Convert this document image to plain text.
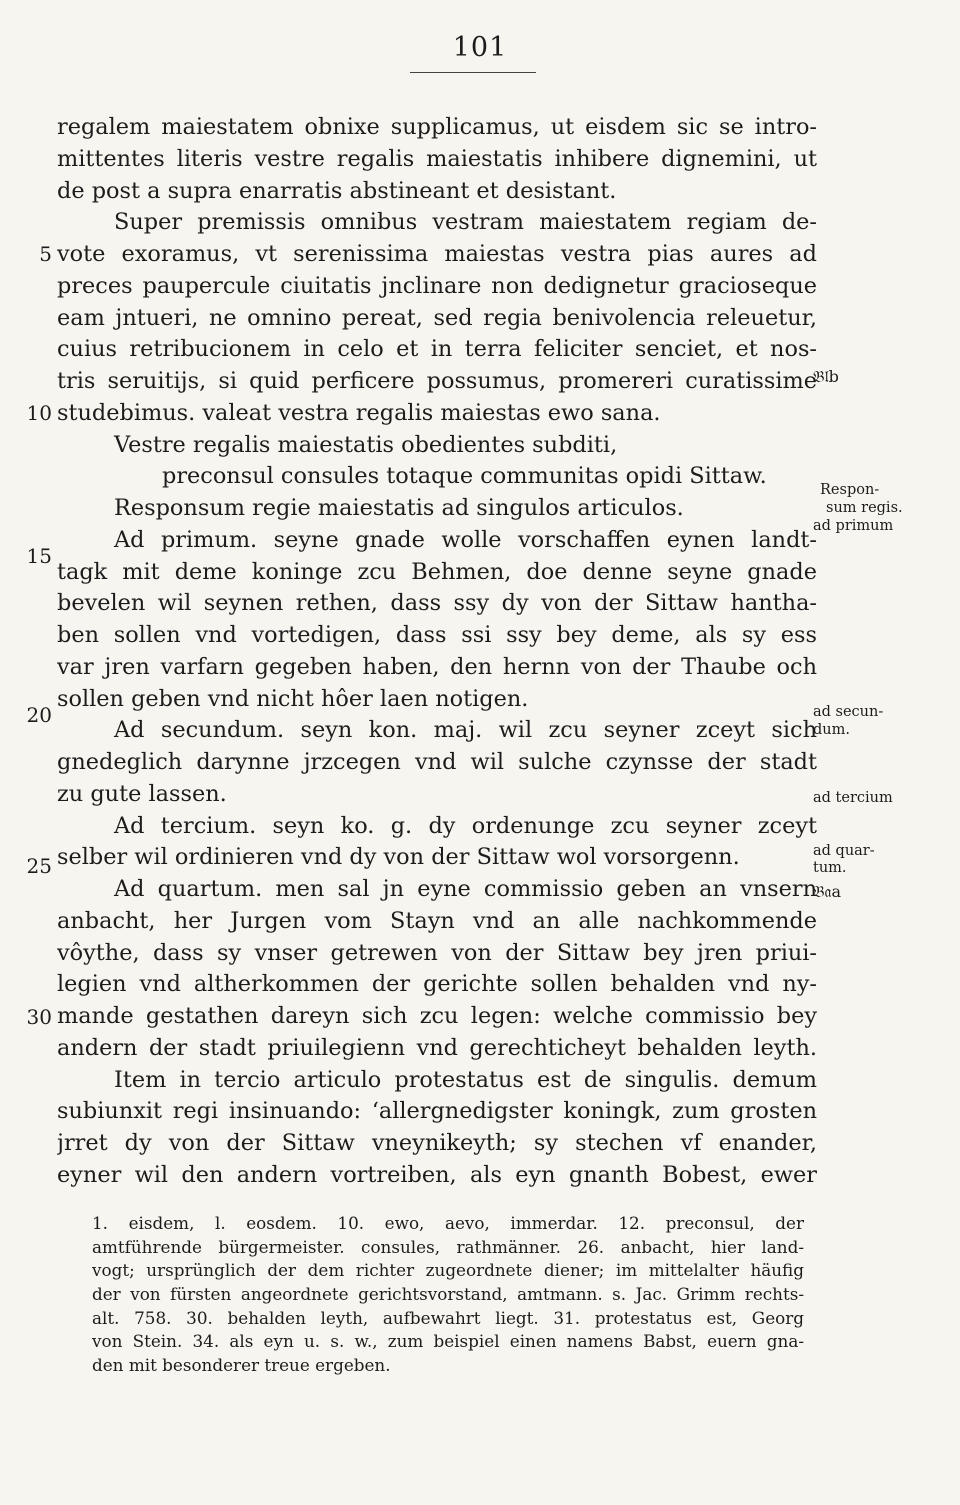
101
5
10
15
20
25
30
regalem maiestatem obnixe supplicamus, ut eisdem sic se intro-
mittentes literis vestre regalis maiestatis inhibere dignemini, ut
de post a supra enarratis abstineant et desistant.
Super premissis omnibus vestram maiestatem regiam de-
vote exoramus, vt serenissima maiestas vestra pias aures ad
preces paupercule ciuitatis jnclinare non dedignetur gracioseque
eam jntueri, ne omnino pereat, sed regia benivolencia releuetur,
cuius retribucionem in celo et in terra feliciter senciet, et nos-
tris seruitijs, si quid perficere possumus, promereri curatissime
studebimus. valeat vestra regalis maiestas ewo sana.
Vestre regalis maiestatis obedientes subditi,
preconsul consules totaque communitas opidi Sittaw.
Responsum regie maiestatis ad singulos articulos.
Ad primum. seyne gnade wolle vorschaffen eynen landt-
tagk mit deme koninge zcu Behmen, doe denne seyne gnade
bevelen wil seynen rethen, dass ssy dy von der Sittaw hantha-
ben sollen vnd vortedigen, dass ssi ssy bey deme, als sy ess
var jren varfarn gegeben haben, den hernn von der Thaube och
sollen geben vnd nicht hôer laen notigen.
Ad secundum. seyn kon. maj. wil zcu seyner zceyt sich
gnedeglich darynne jrzcegen vnd wil sulche czynsse der stadt
zu gute lassen.
Ad tercium. seyn ko. g. dy ordenunge zcu seyner zceyt
selber wil ordinieren vnd dy von der Sittaw wol vorsorgenn.
Ad quartum. men sal jn eyne commissio geben an vnsern
anbacht, her Jurgen vom Stayn vnd an alle nachkommende
vôythe, dass sy vnser getrewen von der Sittaw bey jren priui-
legien vnd altherkommen der gerichte sollen behalden vnd ny-
mande gestathen dareyn sich zcu legen: welche commissio bey
andern der stadt priuilegienn vnd gerechticheyt behalden leyth.
Item in tercio articulo protestatus est de singulis. demum
subiunxit regi insinuando: ʻallergnedigster koningk, zum grosten
jrret dy von der Sittaw vneynikeyth; sy stechen vf enander,
eyner wil den andern vortreiben, als eyn gnanth Bobest, ewer
𝔅𝔩b
Respon-
sum regis.
ad primum
ad secun-
dum.
ad tercium
ad quar-
tum.
𝔅𝔞a
1. eisdem, l. eosdem. 10. ewo, aevo, immerdar. 12. preconsul, der
amtführende bürgermeister. consules, rathmänner. 26. anbacht, hier land-
vogt; ursprünglich der dem richter zugeordnete diener; im mittelalter häufig
der von fürsten angeordnete gerichtsvorstand, amtmann. s. Jac. Grimm rechts-
alt. 758. 30. behalden leyth, aufbewahrt liegt. 31. protestatus est, Georg
von Stein. 34. als eyn u. s. w., zum beispiel einen namens Babst, euern gna-
den mit besonderer treue ergeben.
